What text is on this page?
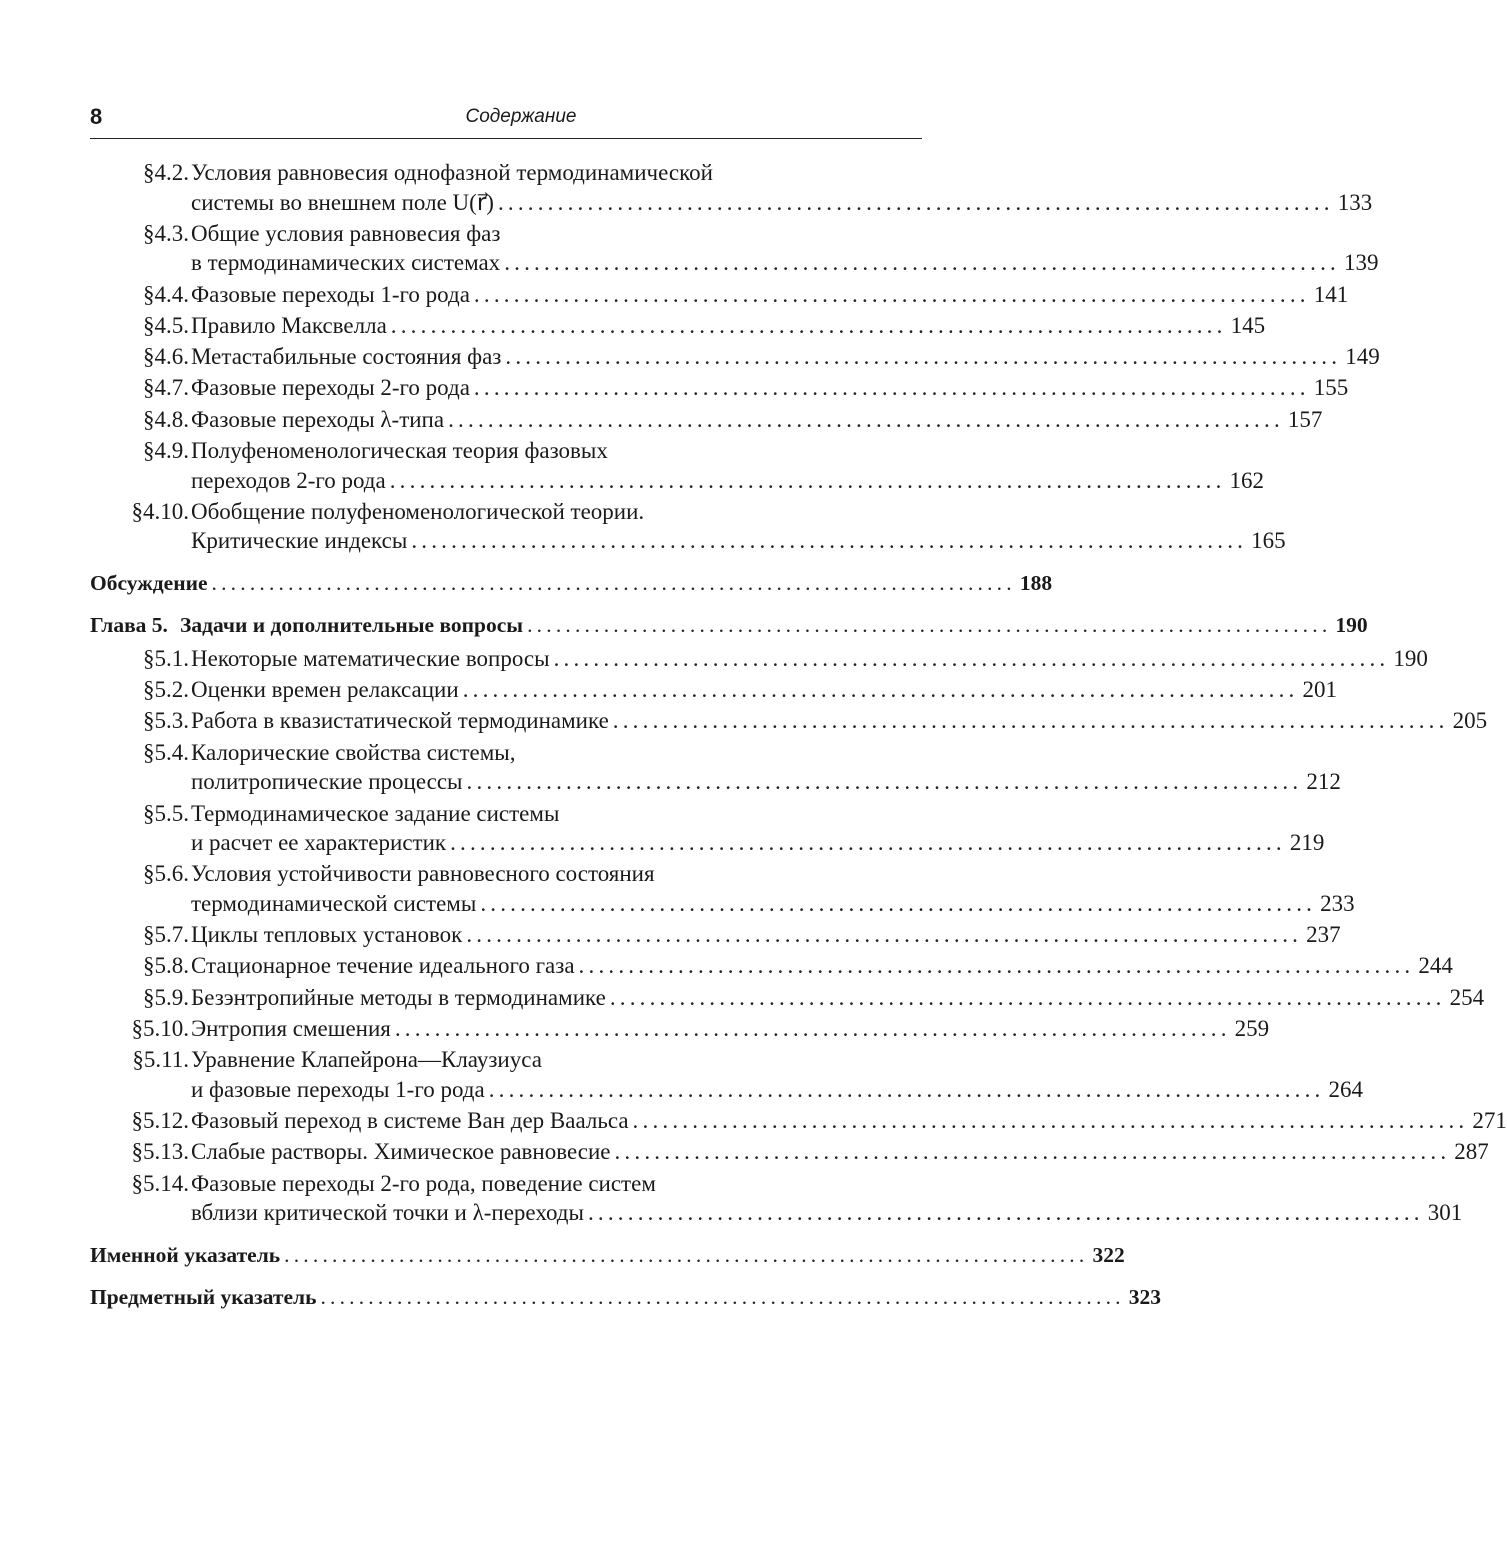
8	Содержание
§4.2. Условия равновесия однофазной термодинамической
системы во внешнем поле U(r⃗) .................................................................................... 133
§4.3. Общие условия равновесия фаз
в термодинамических системах .................................................................................... 139
§4.4. Фазовые переходы 1-го рода .................................................................................... 141
§4.5. Правило Максвелла .................................................................................... 145
§4.6. Метастабильные состояния фаз .................................................................................... 149
§4.7. Фазовые переходы 2-го рода .................................................................................... 155
§4.8. Фазовые переходы λ-типа .................................................................................... 157
§4.9. Полуфеноменологическая теория фазовых
переходов 2-го рода .................................................................................... 162
§4.10. Обобщение полуфеноменологической теории.
Критические индексы .................................................................................... 165
Обсуждение .................................................................................... 188
Глава 5. Задачи и дополнительные вопросы .................................................................................... 190
§5.1. Некоторые математические вопросы .................................................................................... 190
§5.2. Оценки времен релаксации .................................................................................... 201
§5.3. Работа в квазистатической термодинамике .................................................................................... 205
§5.4. Калорические свойства системы,
политропические процессы .................................................................................... 212
§5.5. Термодинамическое задание системы
и расчет ее характеристик .................................................................................... 219
§5.6. Условия устойчивости равновесного состояния
термодинамической системы .................................................................................... 233
§5.7. Циклы тепловых установок .................................................................................... 237
§5.8. Стационарное течение идеального газа .................................................................................... 244
§5.9. Безэнтропийные методы в термодинамике .................................................................................... 254
§5.10. Энтропия смешения .................................................................................... 259
§5.11. Уравнение Клапейрона—Клаузиуса
и фазовые переходы 1-го рода .................................................................................... 264
§5.12. Фазовый переход в системе Ван дер Ваальса .................................................................................... 271
§5.13. Слабые растворы. Химическое равновесие .................................................................................... 287
§5.14. Фазовые переходы 2-го рода, поведение систем
вблизи критической точки и λ-переходы .................................................................................... 301
Именной указатель .................................................................................... 322
Предметный указатель .................................................................................... 323
